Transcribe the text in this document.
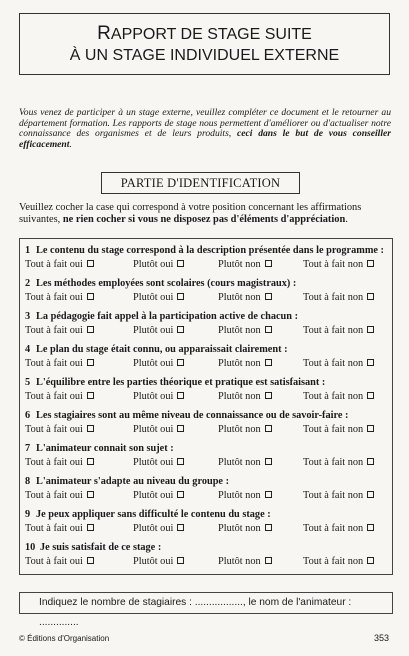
RAPPORT DE STAGE SUITE
À UN STAGE INDIVIDUEL EXTERNE

Vous venez de participer à un stage externe, veuillez compléter ce document et le retourner au département formation. Les rapports de stage nous permettent d'améliorer ou d'actualiser notre connaissance des organismes et de leurs produits, ceci dans le but de vous conseiller efficacement.

PARTIE D'IDENTIFICATION

Veuillez cocher la case qui correspond à votre position concernant les affirmations suivantes, ne rien cocher si vous ne disposez pas d'éléments d'appréciation.

1 Le contenu du stage correspond à la description présentée dans le programme :
Tout à fait oui	Plutôt oui	Plutôt non	Tout à fait non
2 Les méthodes employées sont scolaires (cours magistraux) :
Tout à fait oui	Plutôt oui	Plutôt non	Tout à fait non
3 La pédagogie fait appel à la participation active de chacun :
Tout à fait oui	Plutôt oui	Plutôt non	Tout à fait non
4 Le plan du stage était connu, ou apparaissait clairement :
Tout à fait oui	Plutôt oui	Plutôt non	Tout à fait non
5 L'équilibre entre les parties théorique et pratique est satisfaisant :
Tout à fait oui	Plutôt oui	Plutôt non	Tout à fait non
6 Les stagiaires sont au même niveau de connaissance ou de savoir-faire :
Tout à fait oui	Plutôt oui	Plutôt non	Tout à fait non
7 L'animateur connait son sujet :
Tout à fait oui	Plutôt oui	Plutôt non	Tout à fait non
8 L'animateur s'adapte au niveau du groupe :
Tout à fait oui	Plutôt oui	Plutôt non	Tout à fait non
9 Je peux appliquer sans difficulté le contenu du stage :
Tout à fait oui	Plutôt oui	Plutôt non	Tout à fait non
10 Je suis satisfait de ce stage :
Tout à fait oui	Plutôt oui	Plutôt non	Tout à fait non
Indiquez le nombre de stagiaires : ................., le nom de l'animateur : ..............
© Éditions d'Organisation	353
